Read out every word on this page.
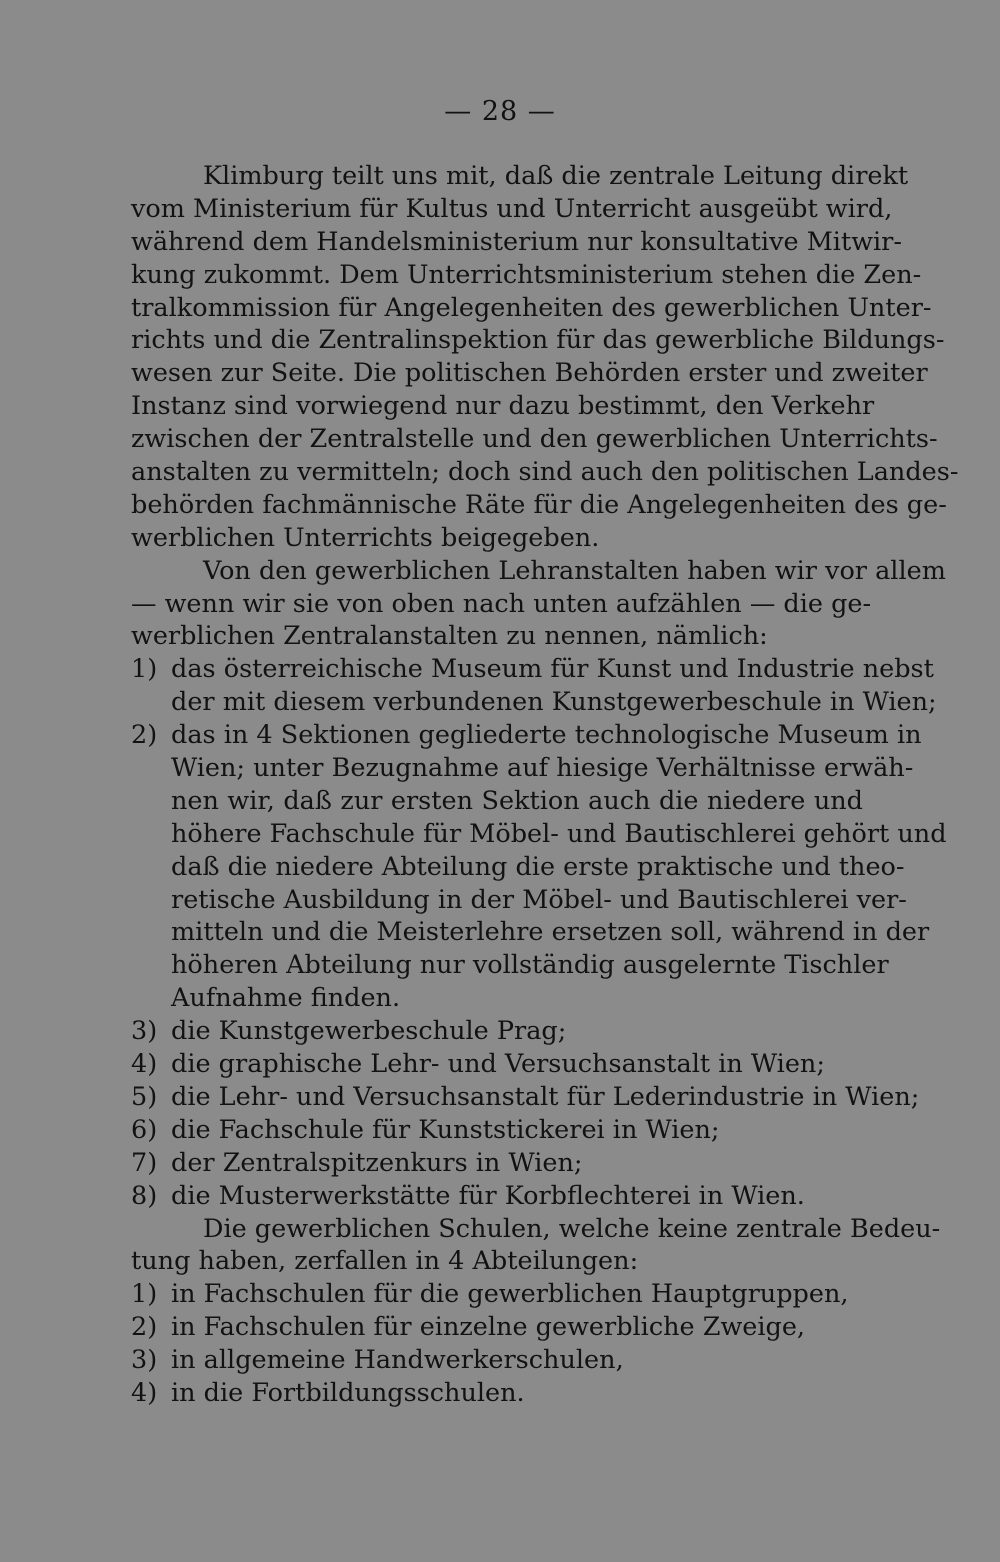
— 28 —
Klimburg teilt uns mit, daß die zentrale Leitung direkt
vom Ministerium für Kultus und Unterricht ausgeübt wird,
während dem Handelsministerium nur konsultative Mitwir-
kung zukommt. Dem Unterrichtsministerium stehen die Zen-
tralkommission für Angelegenheiten des gewerblichen Unter-
richts und die Zentralinspektion für das gewerbliche Bildungs-
wesen zur Seite. Die politischen Behörden erster und zweiter
Instanz sind vorwiegend nur dazu bestimmt, den Verkehr
zwischen der Zentralstelle und den gewerblichen Unterrichts-
anstalten zu vermitteln; doch sind auch den politischen Landes-
behörden fachmännische Räte für die Angelegenheiten des ge-
werblichen Unterrichts beigegeben.
Von den gewerblichen Lehranstalten haben wir vor allem
— wenn wir sie von oben nach unten aufzählen — die ge-
werblichen Zentralanstalten zu nennen, nämlich:
1) das österreichische Museum für Kunst und Industrie nebst
der mit diesem verbundenen Kunstgewerbeschule in Wien;
2) das in 4 Sektionen gegliederte technologische Museum in
Wien; unter Bezugnahme auf hiesige Verhältnisse erwäh-
nen wir, daß zur ersten Sektion auch die niedere und
höhere Fachschule für Möbel- und Bautischlerei gehört und
daß die niedere Abteilung die erste praktische und theo-
retische Ausbildung in der Möbel- und Bautischlerei ver-
mitteln und die Meisterlehre ersetzen soll, während in der
höheren Abteilung nur vollständig ausgelernte Tischler
Aufnahme finden.
3) die Kunstgewerbeschule Prag;
4) die graphische Lehr- und Versuchsanstalt in Wien;
5) die Lehr- und Versuchsanstalt für Lederindustrie in Wien;
6) die Fachschule für Kunststickerei in Wien;
7) der Zentralspitzenkurs in Wien;
8) die Musterwerkstätte für Korbflechterei in Wien.
Die gewerblichen Schulen, welche keine zentrale Bedeu-
tung haben, zerfallen in 4 Abteilungen:
1) in Fachschulen für die gewerblichen Hauptgruppen,
2) in Fachschulen für einzelne gewerbliche Zweige,
3) in allgemeine Handwerkerschulen,
4) in die Fortbildungsschulen.
